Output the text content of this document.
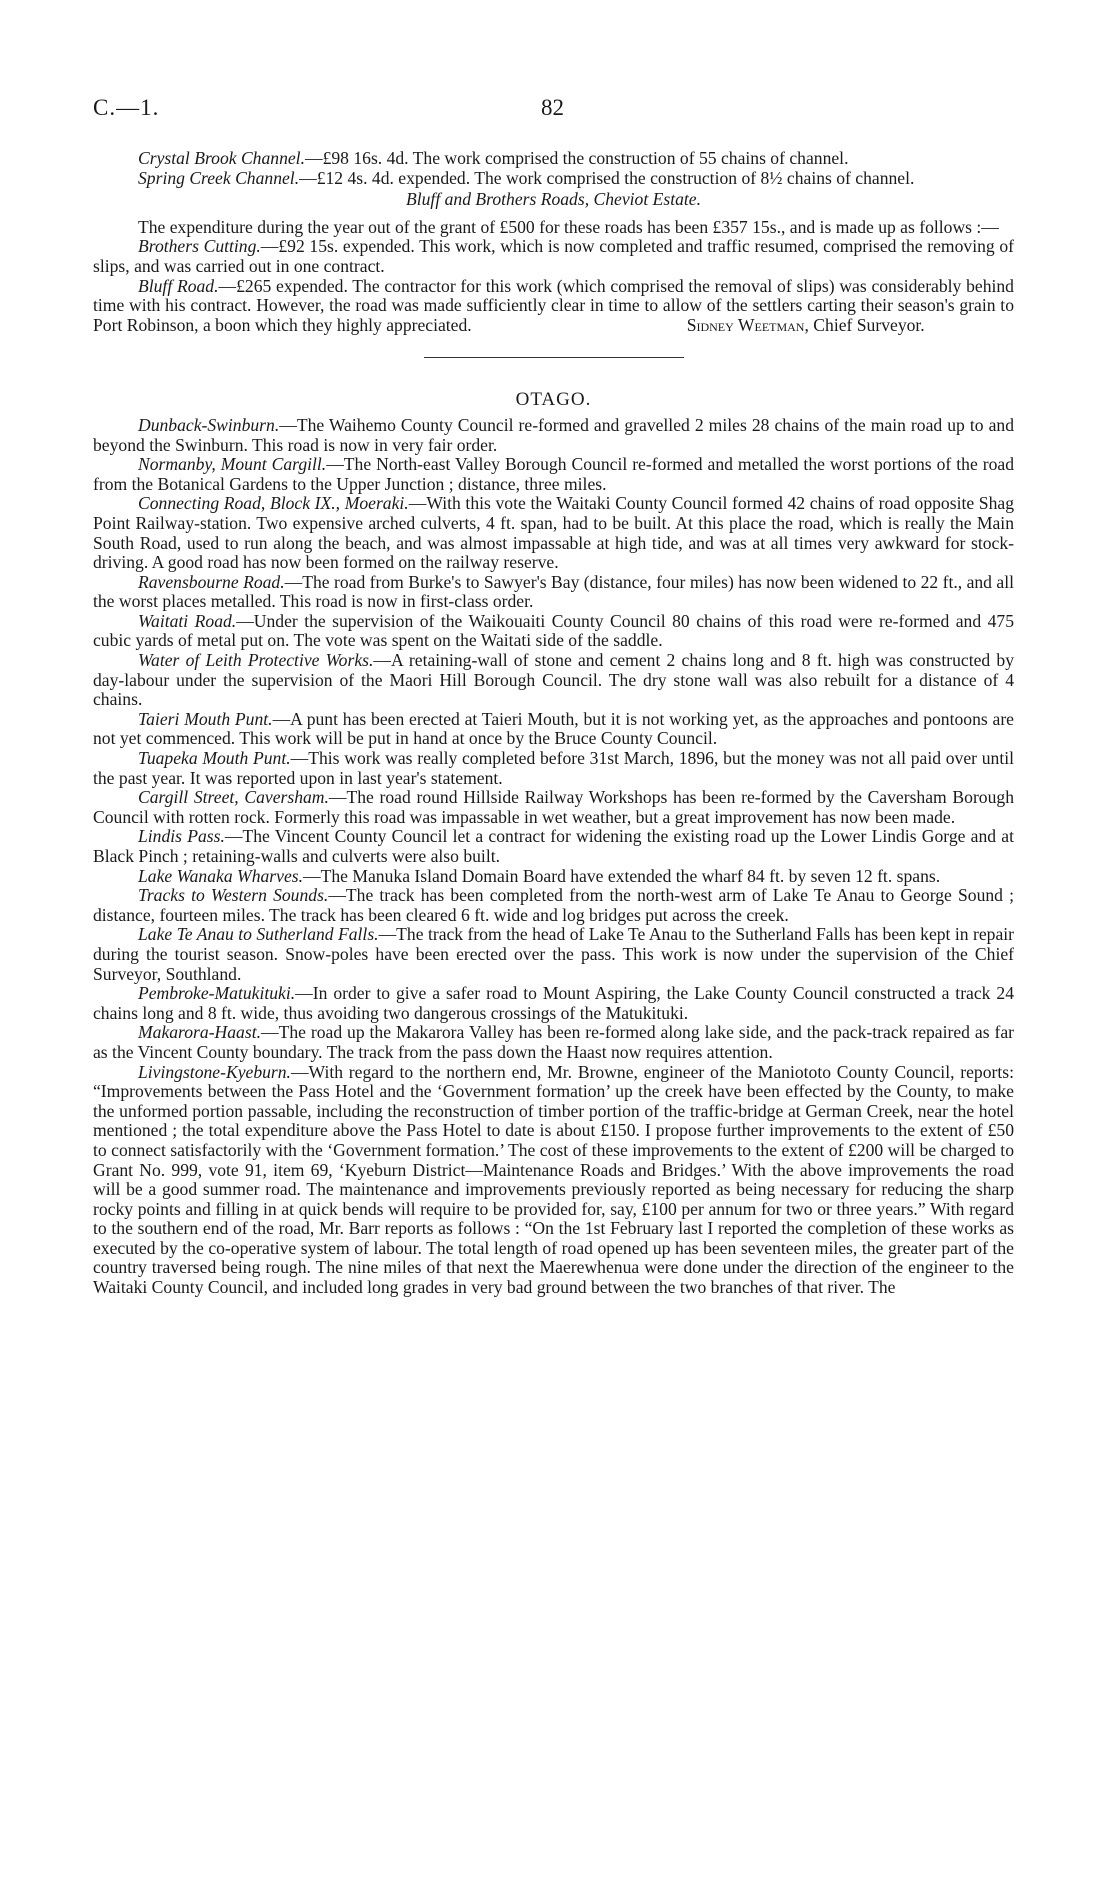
C.—1.	82

Crystal Brook Channel.—£98 16s. 4d. The work comprised the construction of 55 chains of channel.

Spring Creek Channel.—£12 4s. 4d. expended. The work comprised the construction of 8½ chains of channel.

Bluff and Brothers Roads, Cheviot Estate.

The expenditure during the year out of the grant of £500 for these roads has been £357 15s., and is made up as follows :—

Brothers Cutting.—£92 15s. expended. This work, which is now completed and traffic resumed, comprised the removing of slips, and was carried out in one contract.

Bluff Road.—£265 expended. The contractor for this work (which comprised the removal of slips) was considerably behind time with his contract. However, the road was made sufficiently clear in time to allow of the settlers carting their season's grain to Port Robinson, a boon which they highly appreciated.	Sidney Weetman, Chief Surveyor.

OTAGO.

Dunback-Swinburn.—The Waihemo County Council re-formed and gravelled 2 miles 28 chains of the main road up to and beyond the Swinburn. This road is now in very fair order.

Normanby, Mount Cargill.—The North-east Valley Borough Council re-formed and metalled the worst portions of the road from the Botanical Gardens to the Upper Junction ; distance, three miles.

Connecting Road, Block IX., Moeraki.—With this vote the Waitaki County Council formed 42 chains of road opposite Shag Point Railway-station. Two expensive arched culverts, 4 ft. span, had to be built. At this place the road, which is really the Main South Road, used to run along the beach, and was almost impassable at high tide, and was at all times very awkward for stock-driving. A good road has now been formed on the railway reserve.

Ravensbourne Road.—The road from Burke's to Sawyer's Bay (distance, four miles) has now been widened to 22 ft., and all the worst places metalled. This road is now in first-class order.

Waitati Road.—Under the supervision of the Waikouaiti County Council 80 chains of this road were re-formed and 475 cubic yards of metal put on. The vote was spent on the Waitati side of the saddle.

Water of Leith Protective Works.—A retaining-wall of stone and cement 2 chains long and 8 ft. high was constructed by day-labour under the supervision of the Maori Hill Borough Council. The dry stone wall was also rebuilt for a distance of 4 chains.

Taieri Mouth Punt.—A punt has been erected at Taieri Mouth, but it is not working yet, as the approaches and pontoons are not yet commenced. This work will be put in hand at once by the Bruce County Council.

Tuapeka Mouth Punt.—This work was really completed before 31st March, 1896, but the money was not all paid over until the past year. It was reported upon in last year's statement.

Cargill Street, Caversham.—The road round Hillside Railway Workshops has been re-formed by the Caversham Borough Council with rotten rock. Formerly this road was impassable in wet weather, but a great improvement has now been made.

Lindis Pass.—The Vincent County Council let a contract for widening the existing road up the Lower Lindis Gorge and at Black Pinch ; retaining-walls and culverts were also built.

Lake Wanaka Wharves.—The Manuka Island Domain Board have extended the wharf 84 ft. by seven 12 ft. spans.

Tracks to Western Sounds.—The track has been completed from the north-west arm of Lake Te Anau to George Sound ; distance, fourteen miles. The track has been cleared 6 ft. wide and log bridges put across the creek.

Lake Te Anau to Sutherland Falls.—The track from the head of Lake Te Anau to the Sutherland Falls has been kept in repair during the tourist season. Snow-poles have been erected over the pass. This work is now under the supervision of the Chief Surveyor, Southland.

Pembroke-Matukituki.—In order to give a safer road to Mount Aspiring, the Lake County Council constructed a track 24 chains long and 8 ft. wide, thus avoiding two dangerous crossings of the Matukituki.

Makarora-Haast.—The road up the Makarora Valley has been re-formed along lake side, and the pack-track repaired as far as the Vincent County boundary. The track from the pass down the Haast now requires attention.

Livingstone-Kyeburn.—With regard to the northern end, Mr. Browne, engineer of the Maniototo County Council, reports: “Improvements between the Pass Hotel and the ‘Government formation’ up the creek have been effected by the County, to make the unformed portion passable, including the reconstruction of timber portion of the traffic-bridge at German Creek, near the hotel mentioned ; the total expenditure above the Pass Hotel to date is about £150. I propose further improvements to the extent of £50 to connect satisfactorily with the ‘Government formation.’ The cost of these improvements to the extent of £200 will be charged to Grant No. 999, vote 91, item 69, ‘Kyeburn District—Maintenance Roads and Bridges.’ With the above improvements the road will be a good summer road. The maintenance and improvements previously reported as being necessary for reducing the sharp rocky points and filling in at quick bends will require to be provided for, say, £100 per annum for two or three years.” With regard to the southern end of the road, Mr. Barr reports as follows : “On the 1st February last I reported the completion of these works as executed by the co-operative system of labour. The total length of road opened up has been seventeen miles, the greater part of the country traversed being rough. The nine miles of that next the Maerewhenua were done under the direction of the engineer to the Waitaki County Council, and included long grades in very bad ground between the two branches of that river. The
